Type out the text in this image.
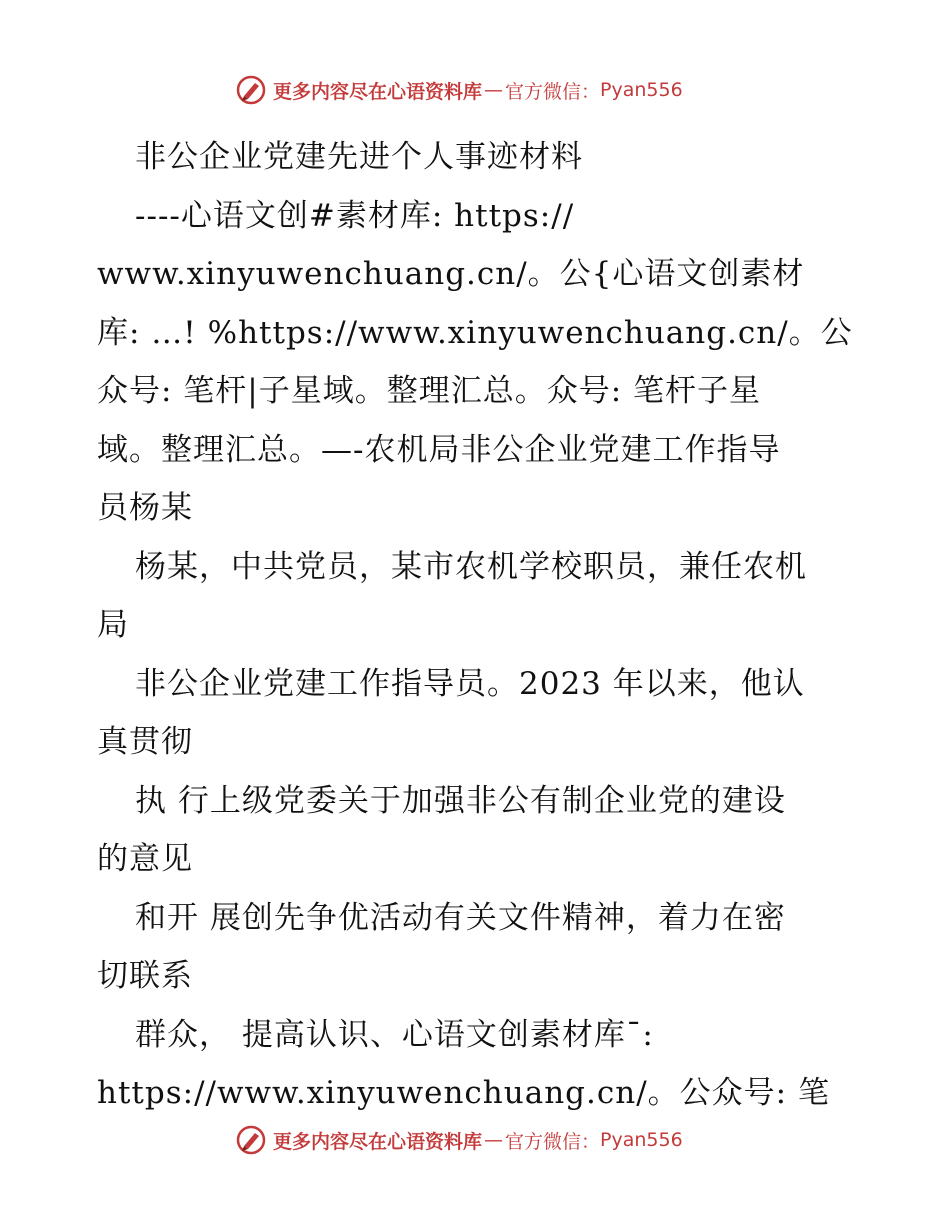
更多内容尽在心语资料库 — 官方微信： Pyan556
非公企业党建先进个人事迹材料
----心语文创#素材库: https://
www.xinyuwenchuang.cn/。公{心语文创素材
库: …! %https://www.xinyuwenchuang.cn/。公
众号: 笔杆|子星域。整理汇总。众号: 笔杆子星
域。整理汇总。—-农机局非公企业党建工作指导
员杨某
杨某，中共党员，某市农机学校职员，兼任农机
局
非公企业党建工作指导员。2023 年以来，他认
真贯彻
执 行上级党委关于加强非公有制企业党的建设
的意见
和开 展创先争优活动有关文件精神，着力在密
切联系
群众， 提高认识、心语文创素材库¯:
https://www.xinyuwenchuang.cn/。公众号: 笔
更多内容尽在心语资料库 — 官方微信： Pyan556
